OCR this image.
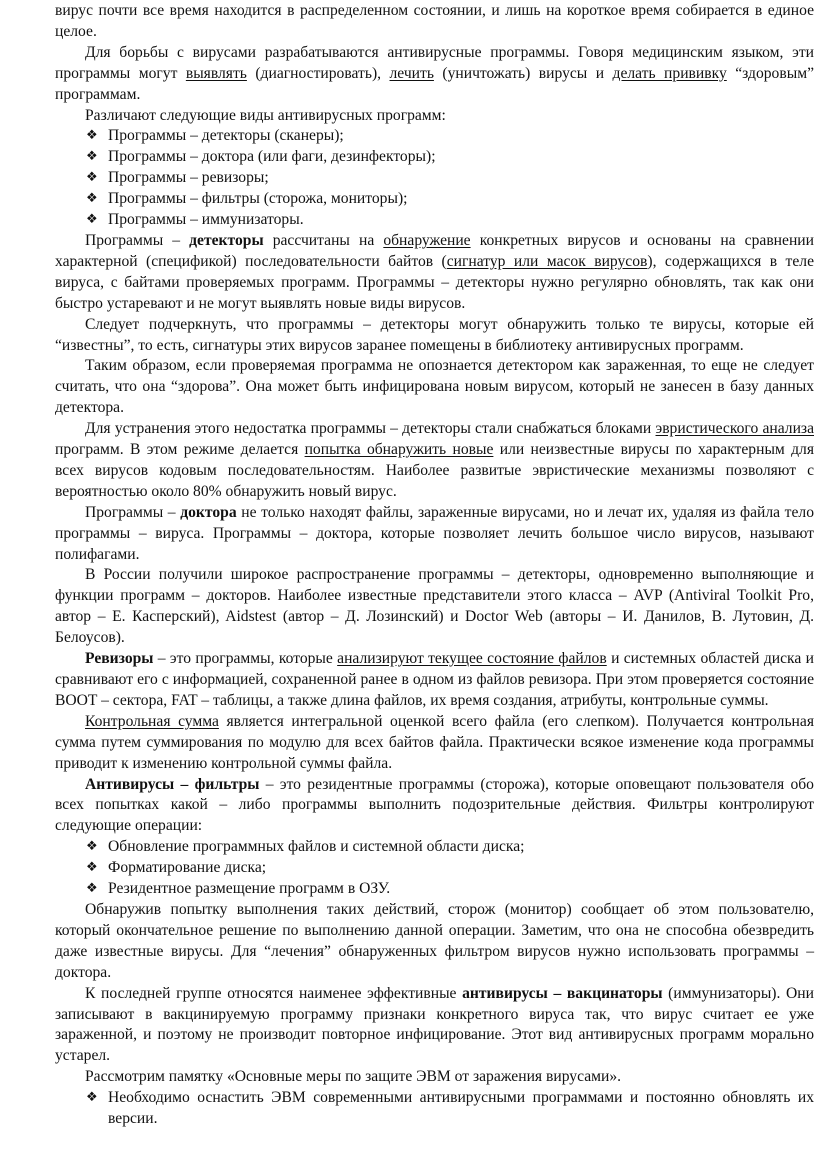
вирус почти все время находится в распределенном состоянии, и лишь на короткое время собирается в единое целое.

Для борьбы с вирусами разрабатываются антивирусные программы. Говоря медицинским языком, эти программы могут выявлять (диагностировать), лечить (уничтожать) вирусы и делать прививку “здоровым” программам.

Различают следующие виды антивирусных программ:

❖ Программы – детекторы (сканеры);
❖ Программы – доктора (или фаги, дезинфекторы);
❖ Программы – ревизоры;
❖ Программы – фильтры (сторожа, мониторы);
❖ Программы – иммунизаторы.

Программы – детекторы рассчитаны на обнаружение конкретных вирусов и основаны на сравнении характерной (спецификой) последовательности байтов (сигнатур или масок вирусов), содержащихся в теле вируса, с байтами проверяемых программ. Программы – детекторы нужно регулярно обновлять, так как они быстро устаревают и не могут выявлять новые виды вирусов.

Следует подчеркнуть, что программы – детекторы могут обнаружить только те вирусы, которые ей “известны”, то есть, сигнатуры этих вирусов заранее помещены в библиотеку антивирусных программ.

Таким образом, если проверяемая программа не опознается детектором как зараженная, то еще не следует считать, что она “здорова”. Она может быть инфицирована новым вирусом, который не занесен в базу данных детектора.

Для устранения этого недостатка программы – детекторы стали снабжаться блоками эвристического анализа программ. В этом режиме делается попытка обнаружить новые или неизвестные вирусы по характерным для всех вирусов кодовым последовательностям. Наиболее развитые эвристические механизмы позволяют с вероятностью около 80% обнаружить новый вирус.

Программы – доктора не только находят файлы, зараженные вирусами, но и лечат их, удаляя из файла тело программы – вируса. Программы – доктора, которые позволяет лечить большое число вирусов, называют полифагами.

В России получили широкое распространение программы – детекторы, одновременно выполняющие и функции программ – докторов. Наиболее известные представители этого класса – AVP (Antiviral Toolkit Pro, автор – Е. Касперский), Aidstest (автор – Д. Лозинский) и Doctor Web (авторы – И. Данилов, В. Лутовин, Д. Белоусов).

Ревизоры – это программы, которые анализируют текущее состояние файлов и системных областей диска и сравнивают его с информацией, сохраненной ранее в одном из файлов ревизора. При этом проверяется состояние BOOT – сектора, FAT – таблицы, а также длина файлов, их время создания, атрибуты, контрольные суммы.

Контрольная сумма является интегральной оценкой всего файла (его слепком). Получается контрольная сумма путем суммирования по модулю для всех байтов файла. Практически всякое изменение кода программы приводит к изменению контрольной суммы файла.

Антивирусы – фильтры – это резидентные программы (сторожа), которые оповещают пользователя обо всех попытках какой – либо программы выполнить подозрительные действия. Фильтры контролируют следующие операции:

❖ Обновление программных файлов и системной области диска;
❖ Форматирование диска;
❖ Резидентное размещение программ в ОЗУ.

Обнаружив попытку выполнения таких действий, сторож (монитор) сообщает об этом пользователю, который окончательное решение по выполнению данной операции. Заметим, что она не способна обезвредить даже известные вирусы. Для “лечения” обнаруженных фильтром вирусов нужно использовать программы – доктора.

К последней группе относятся наименее эффективные антивирусы – вакцинаторы (иммунизаторы). Они записывают в вакцинируемую программу признаки конкретного вируса так, что вирус считает ее уже зараженной, и поэтому не производит повторное инфицирование. Этот вид антивирусных программ морально устарел.

Рассмотрим памятку «Основные меры по защите ЭВМ от заражения вирусами».

❖ Необходимо оснастить ЭВМ современными антивирусными программами и постоянно обновлять их версии.
